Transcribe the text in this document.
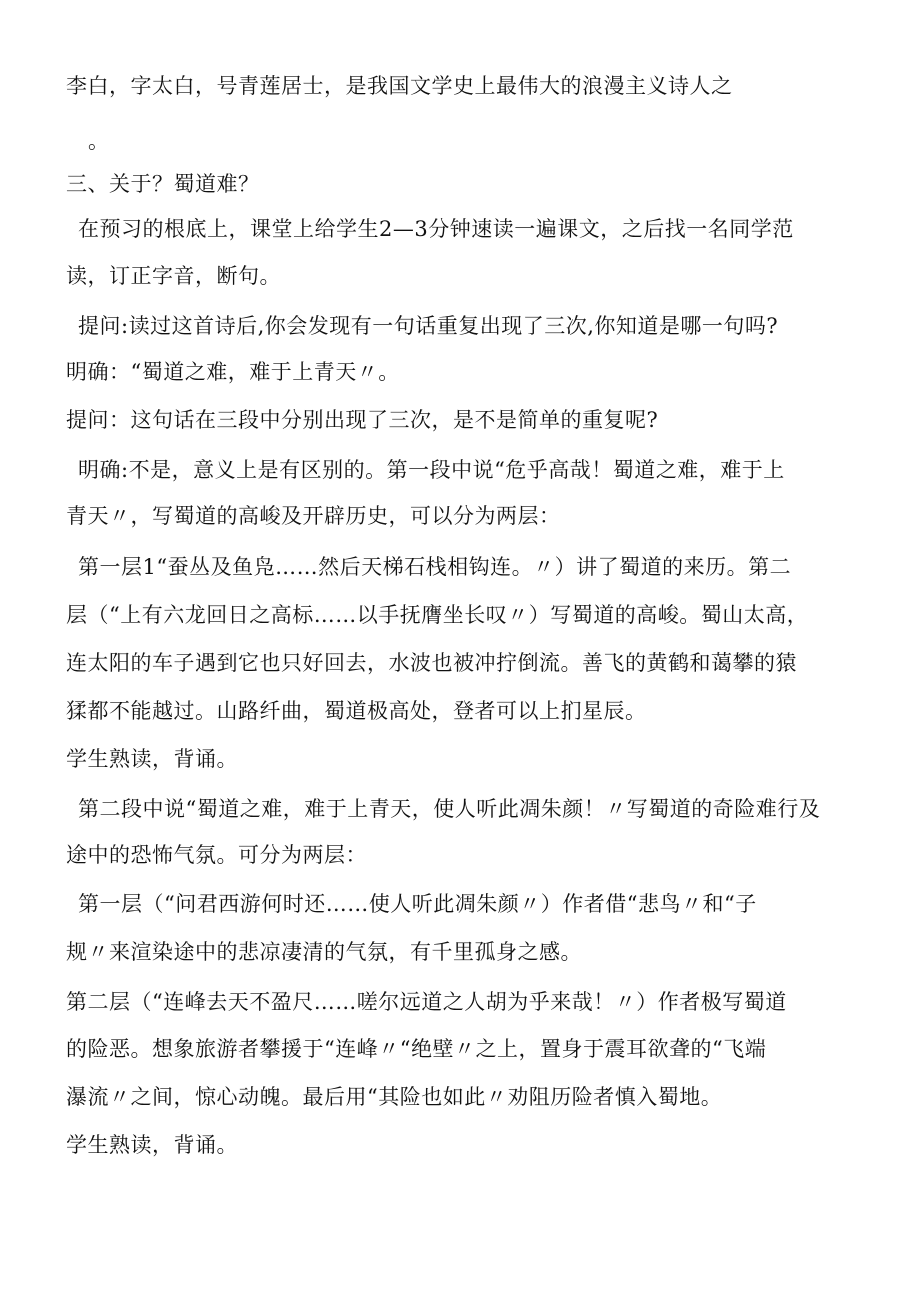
李白，字太白，号青莲居士，是我国文学史上最伟大的浪漫主义诗人之
。
三、关于？蜀道难？
在预习的根底上，课堂上给学生2—3分钟速读一遍课文，之后找一名同学范
读，订正字音，断句。
提问:读过这首诗后,你会发现有一句话重复出现了三次,你知道是哪一句吗?
明确：“蜀道之难，难于上青天〃。
提问：这句话在三段中分别出现了三次，是不是简单的重复呢?
明确:不是，意义上是有区别的。第一段中说“危乎高哉！蜀道之难，难于上
青天〃，写蜀道的高峻及开辟历史，可以分为两层：
第一层1“蚕丛及鱼凫……然后天梯石栈相钩连。〃）讲了蜀道的来历。第二
层（“上有六龙回日之高标……以手抚膺坐长叹〃）写蜀道的高峻。蜀山太高，
连太阳的车子遇到它也只好回去，水波也被冲拧倒流。善飞的黄鹤和蔼攀的猿
猱都不能越过。山路纤曲，蜀道极高处，登者可以上扪星辰。
学生熟读，背诵。
第二段中说“蜀道之难，难于上青天，使人听此凋朱颜！〃写蜀道的奇险难行及
途中的恐怖气氛。可分为两层：
第一层（“问君西游何时还……使人听此凋朱颜〃）作者借“悲鸟〃和“子
规〃来渲染途中的悲凉凄清的气氛，有千里孤身之感。
第二层（“连峰去天不盈尺……嗟尔远道之人胡为乎来哉！〃）作者极写蜀道
的险恶。想象旅游者攀援于“连峰〃“绝壁〃之上，置身于震耳欲聋的“飞端
瀑流〃之间，惊心动魄。最后用“其险也如此〃劝阻历险者慎入蜀地。
学生熟读，背诵。
